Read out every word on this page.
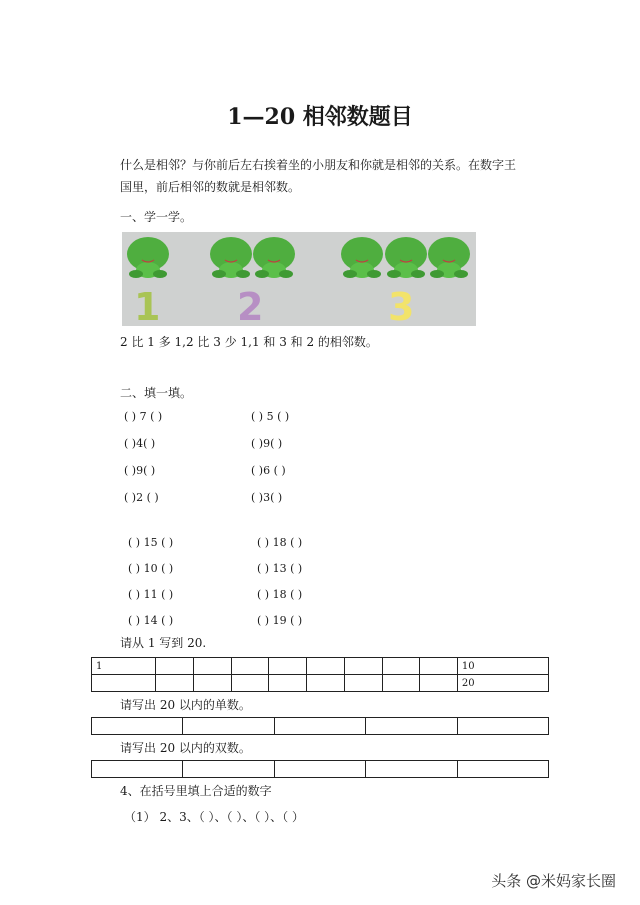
1—20 相邻数题目
什么是相邻？与你前后左右挨着坐的小朋友和你就是相邻的关系。在数字王国里，前后相邻的数就是相邻数。
一、学一学。
1 2	3
2 比 1 多 1,2 比 3 少 1,1 和 3 和 2 的相邻数。
二、填一填。
( ) 7 ( )	( ) 5 ( )
( )4( )	( )9( )
( )9( )	( )6 ( )
( )2 ( )	( )3( )
( ) 15 ( )	( ) 18 ( )
( ) 10 ( )	( ) 13 ( )
( ) 11 ( )	( ) 18 ( )
( ) 14 ( )	( ) 19 ( )
请从 1 写到 20.
1									10
									20
请写出 20 以内的单数。

请写出 20 以内的双数。

4、在括号里填上合适的数字
（1） 2、3、（ ）、（ ）、（ ）、（ ）
头条 @米妈家长圈
